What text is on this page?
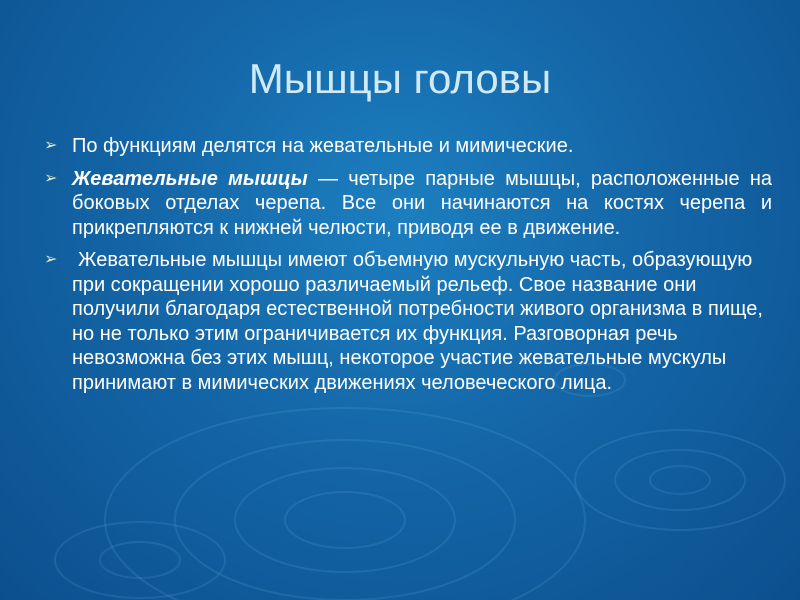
Мышцы головы
➢ По функциям делятся на жевательные и мимические.
➢ Жевательные мышцы — четыре парные мышцы, расположенные на боковых отделах черепа. Все они начинаются на костях черепа и прикрепляются к нижней челюсти, приводя ее в движение.
➢ Жевательные мышцы имеют объемную мускульную часть, образующую при сокращении хорошо различаемый рельеф. Свое название они получили благодаря естественной потребности живого организма в пище, но не только этим ограничивается их функция. Разговорная речь невозможна без этих мышц, некоторое участие жевательные мускулы принимают в мимических движениях человеческого лица.
